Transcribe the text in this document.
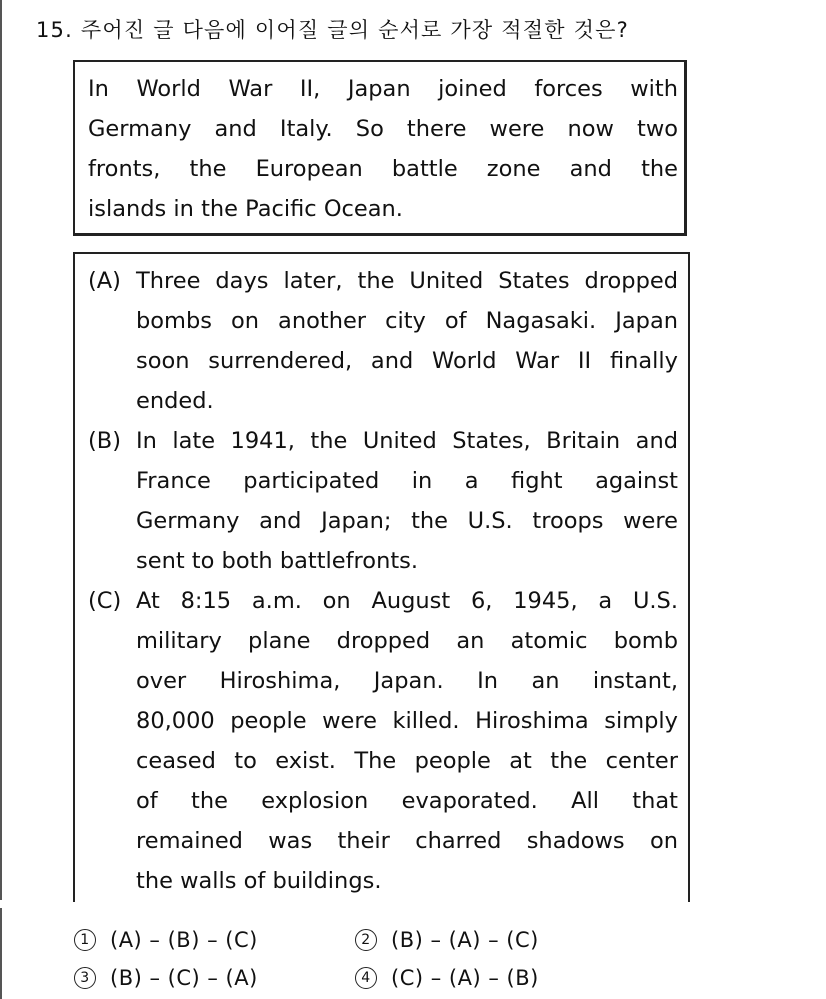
15. 주어진 글 다음에 이어질 글의 순서로 가장 적절한 것은?
In World War II, Japan joined forces with
Germany and Italy. So there were now two
fronts, the European battle zone and the
islands in the Pacific Ocean.
(A) Three days later, the United States dropped
bombs on another city of Nagasaki. Japan
soon surrendered, and World War II finally
ended.
(B) In late 1941, the United States, Britain and
France participated in a fight against
Germany and Japan; the U.S. troops were
sent to both battlefronts.
(C) At 8:15 a.m. on August 6, 1945, a U.S.
military plane dropped an atomic bomb
over Hiroshima, Japan. In an instant,
80,000 people were killed. Hiroshima simply
ceased to exist. The people at the center
of the explosion evaporated. All that
remained was their charred shadows on
the walls of buildings.
1 (A) – (B) – (C)	2 (B) – (A) – (C)
3 (B) – (C) – (A)	4 (C) – (A) – (B)
